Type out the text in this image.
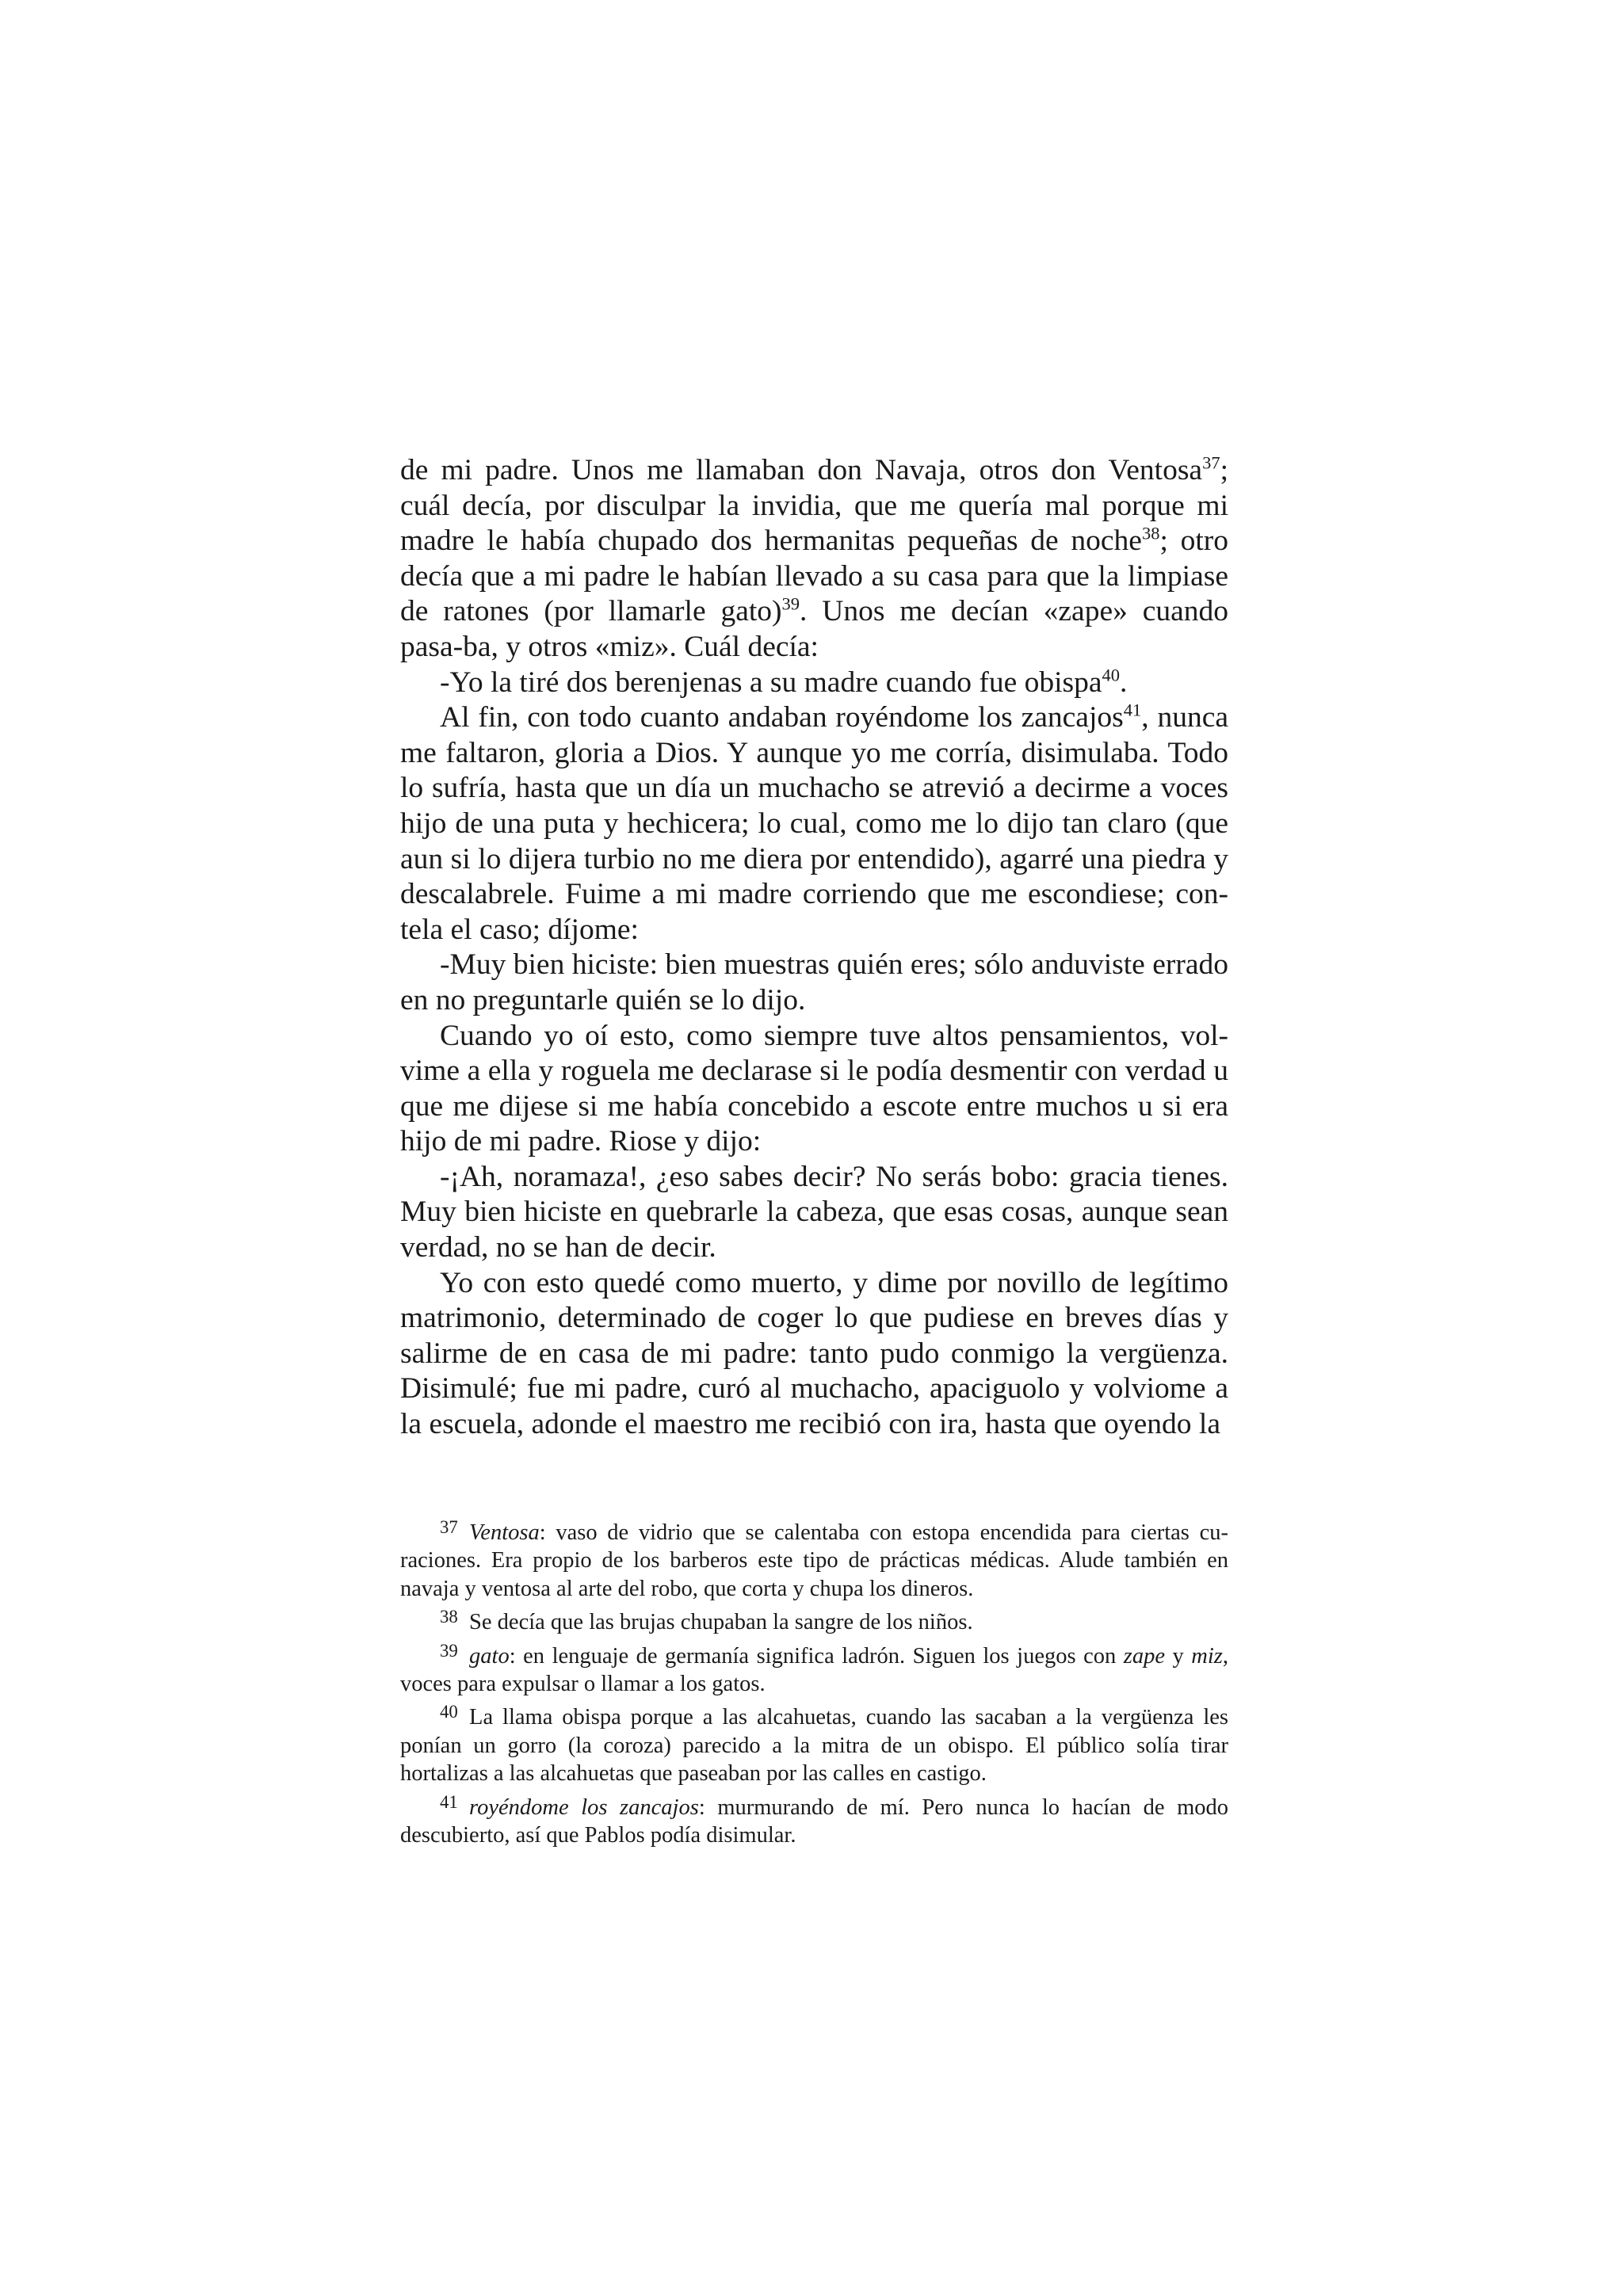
de mi padre. Unos me llamaban don Navaja, otros don Ventosa$^{37}$; cuál decía, por disculpar la invidia, que me quería mal porque mi madre le había chupado dos hermanitas pequeñas de noche$^{38}$; otro decía que a mi padre le habían llevado a su casa para que la limpiase de ratones (por llamarle gato)$^{39}$. Unos me decían «zape» cuando pasa-ba, y otros «miz». Cuál decía:

-Yo la tiré dos berenjenas a su madre cuando fue obispa$^{40}$.

Al fin, con todo cuanto andaban royéndome los zancajos$^{41}$, nunca me faltaron, gloria a Dios. Y aunque yo me corría, disimulaba. Todo lo sufría, hasta que un día un muchacho se atrevió a decirme a voces hijo de una puta y hechicera; lo cual, como me lo dijo tan claro (que aun si lo dijera turbio no me diera por entendido), agarré una piedra y descalabrele. Fuime a mi madre corriendo que me escondiese; con-tela el caso; díjome:

-Muy bien hiciste: bien muestras quién eres; sólo anduviste errado en no preguntarle quién se lo dijo.

Cuando yo oí esto, como siempre tuve altos pensamientos, vol-vime a ella y roguela me declarase si le podía desmentir con verdad u que me dijese si me había concebido a escote entre muchos u si era hijo de mi padre. Riose y dijo:

-¡Ah, noramaza!, ¿eso sabes decir? No serás bobo: gracia tienes. Muy bien hiciste en quebrarle la cabeza, que esas cosas, aunque sean verdad, no se han de decir.

Yo con esto quedé como muerto, y dime por novillo de legítimo matrimonio, determinado de coger lo que pudiese en breves días y salirme de en casa de mi padre: tanto pudo conmigo la vergüenza. Disimulé; fue mi padre, curó al muchacho, apaciguolo y volviome a la escuela, adonde el maestro me recibió con ira, hasta que oyendo la

$^{37}$  Ventosa: vaso de vidrio que se calentaba con estopa encendida para ciertas cu-raciones. Era propio de los barberos este tipo de prácticas médicas. Alude también en navaja y ventosa al arte del robo, que corta y chupa los dineros.

$^{38}$  Se decía que las brujas chupaban la sangre de los niños.

$^{39}$  gato: en lenguaje de germanía significa ladrón. Siguen los juegos con zape y miz, voces para expulsar o llamar a los gatos.

$^{40}$  La llama obispa porque a las alcahuetas, cuando las sacaban a la vergüenza les ponían un gorro (la coroza) parecido a la mitra de un obispo. El público solía tirar hortalizas a las alcahuetas que paseaban por las calles en castigo.

$^{41}$  royéndome los zancajos: murmurando de mí. Pero nunca lo hacían de modo descubierto, así que Pablos podía disimular.
